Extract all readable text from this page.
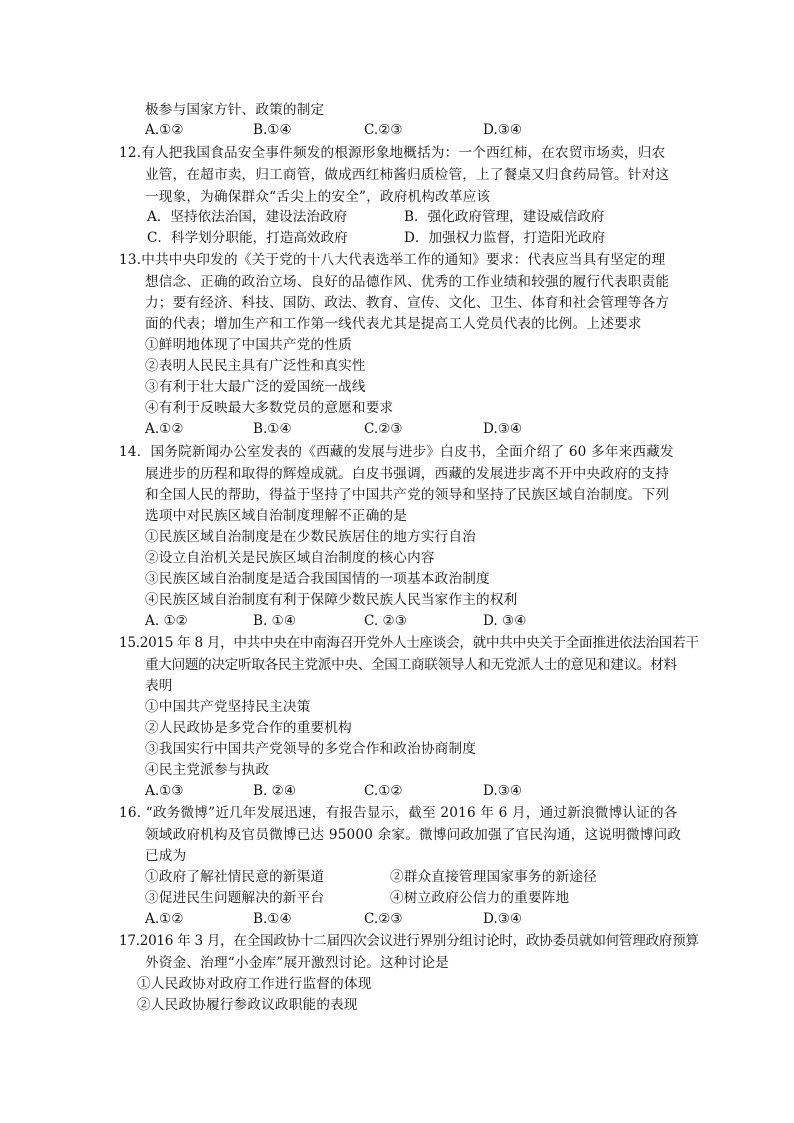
极参与国家方针、政策的制定
A.①②	B.①④	C.②③	D.③④
12.有人把我国食品安全事件频发的根源形象地概括为：一个西红柿，在农贸市场卖，归农
业管，在超市卖，归工商管，做成西红柿酱归质检管，上了餐桌又归食药局管。针对这
一现象，为确保群众“舌尖上的安全”，政府机构改革应该
A．坚持依法治国，建设法治政府	B．强化政府管理，建设威信政府
C．科学划分职能，打造高效政府	D．加强权力监督，打造阳光政府
13.中共中央印发的《关于党的十八大代表选举工作的通知》要求：代表应当具有坚定的理
想信念、正确的政治立场、良好的品德作风、优秀的工作业绩和较强的履行代表职责能
力；要有经济、科技、国防、政法、教育、宣传、文化、卫生、体育和社会管理等各方
面的代表；增加生产和工作第一线代表尤其是提高工人党员代表的比例。上述要求
①鲜明地体现了中国共产党的性质
②表明人民民主具有广泛性和真实性
③有利于壮大最广泛的爱国统一战线
④有利于反映最大多数党员的意愿和要求
A.①②	B.①④	C.②③	D.③④
14．国务院新闻办公室发表的《西藏的发展与进步》白皮书，全面介绍了 60 多年来西藏发
展进步的历程和取得的辉煌成就。白皮书强调，西藏的发展进步离不开中央政府的支持
和全国人民的帮助，得益于坚持了中国共产党的领导和坚持了民族区域自治制度。下列
选项中对民族区域自治制度理解不正确的是
①民族区域自治制度是在少数民族居住的地方实行自治
②设立自治机关是民族区域自治制度的核心内容
③民族区域自治制度是适合我国国情的一项基本政治制度
④民族区域自治制度有利于保障少数民族人民当家作主的权利
A. ①②	B. ①④	C. ②③	D. ③④
15.2015 年 8 月，中共中央在中南海召开党外人士座谈会，就中共中央关于全面推进依法治国若干
重大问题的决定听取各民主党派中央、全国工商联领导人和无党派人士的意见和建议。材料
表明
①中国共产党坚持民主决策
②人民政协是多党合作的重要机构
③我国实行中国共产党领导的多党合作和政治协商制度
④民主党派参与执政
A.①③	B. ②④	C.①②	D.③④
16. “政务微博”近几年发展迅速，有报告显示，截至 2016 年 6 月，通过新浪微博认证的各
领域政府机构及官员微博已达 95000 余家。微博问政加强了官民沟通，这说明微博问政
已成为
①政府了解社情民意的新渠道	②群众直接管理国家事务的新途径
③促进民生问题解决的新平台	④树立政府公信力的重要阵地
A.①②	B.①④	C.②③	D.③④
17.2016 年 3 月，在全国政协十二届四次会议进行界别分组讨论时，政协委员就如何管理政府预算
外资金、治理“小金库”展开激烈讨论。这种讨论是
①人民政协对政府工作进行监督的体现
②人民政协履行参政议政职能的表现
